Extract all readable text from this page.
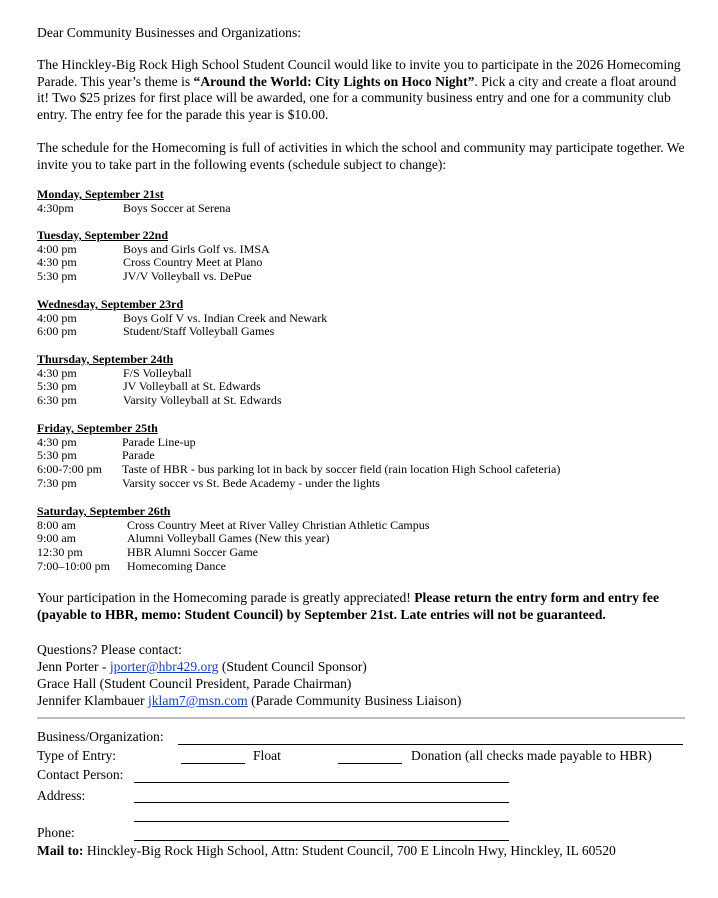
Dear Community Businesses and Organizations:

The Hinckley-Big Rock High School Student Council would like to invite you to participate in the 2026 Homecoming Parade. This year’s theme is “Around the World: City Lights on Hoco Night”. Pick a city and create a float around it! Two $25 prizes for first place will be awarded, one for a community business entry and one for a community club entry. The entry fee for the parade this year is $10.00.

The schedule for the Homecoming is full of activities in which the school and community may participate together. We invite you to take part in the following events (schedule subject to change):

Monday, September 21st
4:30pm	Boys Soccer at Serena
Tuesday, September 22nd
4:00 pm	Boys and Girls Golf vs. IMSA
4:30 pm	Cross Country Meet at Plano
5:30 pm	JV/V Volleyball vs. DePue
Wednesday, September 23rd
4:00 pm	Boys Golf V vs. Indian Creek and Newark
6:00 pm	Student/Staff Volleyball Games
Thursday, September 24th
4:30 pm	F/S Volleyball
5:30 pm	JV Volleyball at St. Edwards
6:30 pm	Varsity Volleyball at St. Edwards
Friday, September 25th
4:30 pm	Parade Line-up
5:30 pm	Parade
6:00-7:00 pm Taste of HBR - bus parking lot in back by soccer field (rain location High School cafeteria)
7:30 pm	Varsity soccer vs St. Bede Academy - under the lights
Saturday, September 26th
8:00 am	Cross Country Meet at River Valley Christian Athletic Campus
9:00 am	Alumni Volleyball Games (New this year)
12:30 pm	HBR Alumni Soccer Game
7:00–10:00 pm Homecoming Dance

Your participation in the Homecoming parade is greatly appreciated! Please return the entry form and entry fee (payable to HBR, memo: Student Council) by September 21st. Late entries will not be guaranteed.

Questions? Please contact:
Jenn Porter - jporter@hbr429.org (Student Council Sponsor)
Grace Hall (Student Council President, Parade Chairman)
Jennifer Klambauer jklam7@msn.com (Parade Community Business Liaison)
Business/Organization:
Type of Entry:	Float	Donation (all checks made payable to HBR)
Contact Person:
Address:
Phone:
Mail to: Hinckley-Big Rock High School, Attn: Student Council, 700 E Lincoln Hwy, Hinckley, IL 60520
